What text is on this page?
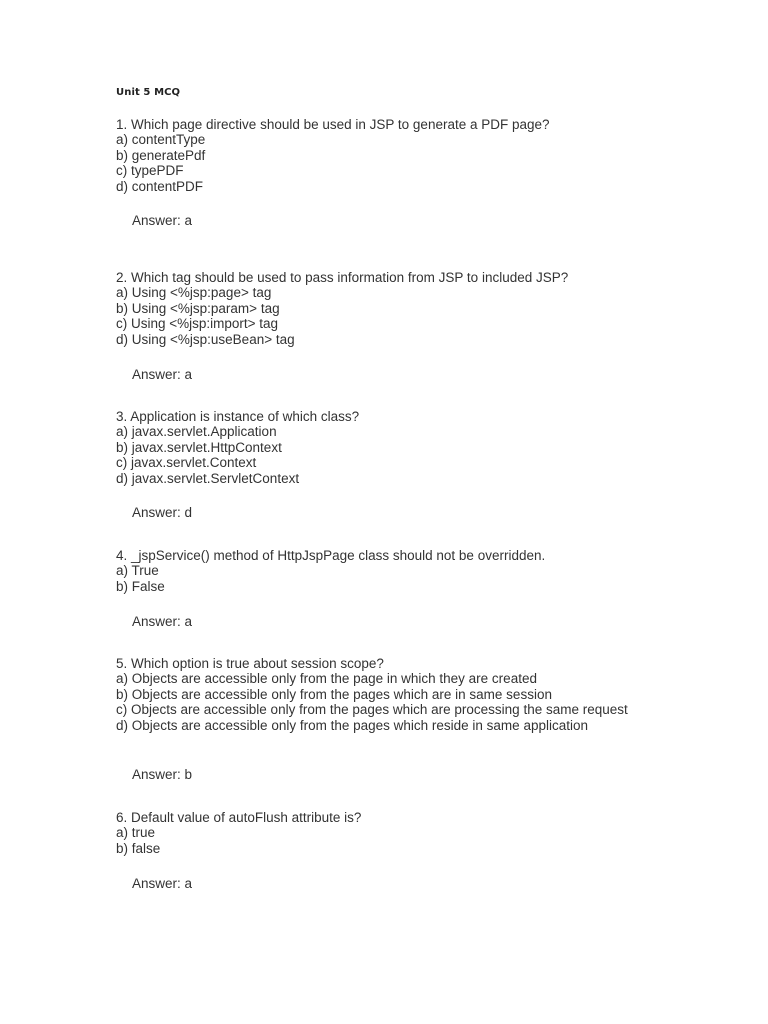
Unit 5 MCQ
1. Which page directive should be used in JSP to generate a PDF page?
a) contentType
b) generatePdf
c) typePDF
d) contentPDF
Answer: a
2. Which tag should be used to pass information from JSP to included JSP?
a) Using <%jsp:page> tag
b) Using <%jsp:param> tag
c) Using <%jsp:import> tag
d) Using <%jsp:useBean> tag
Answer: a
3. Application is instance of which class?
a) javax.servlet.Application
b) javax.servlet.HttpContext
c) javax.servlet.Context
d) javax.servlet.ServletContext
Answer: d
4. _jspService() method of HttpJspPage class should not be overridden.
a) True
b) False
Answer: a
5. Which option is true about session scope?
a) Objects are accessible only from the page in which they are created
b) Objects are accessible only from the pages which are in same session
c) Objects are accessible only from the pages which are processing the same request
d) Objects are accessible only from the pages which reside in same application
Answer: b
6. Default value of autoFlush attribute is?
a) true
b) false
Answer: a
